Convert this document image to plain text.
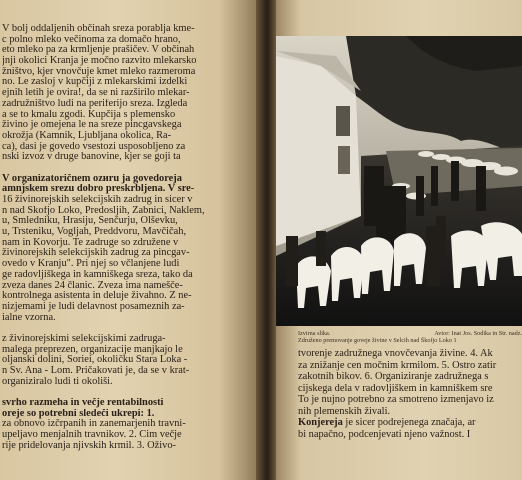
V bolj oddaljenih občinah sreza porablja kme-
c polno mleko večinoma za domačo hrano,
eto mleko pa za krmljenje prašičev. V občinah
jnji okolici Kranja je močno razvito mlekarsko
žništvo, kjer vnovčuje kmet mleko razmeroma
no. Le zaslој v kupčiji z mlekarskimi izdelki
ejnih letih je ovira!, da se ni razširilo mlekar-
zadružništvo ludi na periferijo sreza. Izgleda
a se to kmalu zgodi. Kupčija s plemensko
živino je omejena le na sreze pincgavskega
okrožja (Kamnik, Ljubljana okolica, Ra-
ca), dasi je govedo vsestozi usposobljeno za
nski izvoz v druge banovine, kjer se goji ta
V organizatoričnem ozиru ја govedoreja
amnjskem srezu dobro preskrbljena. V sre-
16 živinorejskih selekcijskih zadrug in sicer v
n nad Škofjo Loko, Predosljih, Žabnici, Naklem,
u, Smledniku, Hrasiju, Šenčurju, Olševku,
u, Trsteniku, Vogljah, Preddvoru, Mavčičah,
nam in Kovorju. Te zadruge so združene v
živinorejskih selekcijskih zadrug za pincgav-
ovedo v Kranju". Pri njej so včlanjene ludi
ge radovljiškega in kamniškega sreza, tako da
zveza danes 24 članic. Zveza ima namešče-
kontrolnega asistenta in deluje živahno. Z ne-
nizjemami je ludi delavnost posameznih za-
ialne vzorna.
z živinorejskimi selekcijskimi zadruga-
malega preprezen, organizacije manjkajo le
oljanski dolini, Soriei, okoličku Stara Loka -
n Sv. Ana - Lom. Pričakovati je, da se v krat-
organiziralo ludi ti okoliši.
svrho razmeha in večje rentabilnosti
oreje so potrebni sledeči ukrepi: 1.
za obnovo izčrpanih in zanemarjenih travni-
upeljavo menjalnih travnikov. 2. Čim večje
rije pridelovanja njivskih krmil. 3. Oživo-
Izvirna slika.	Avtor: Inat Jos. Sodika in Str. nadz.
Združeno premovanje goveje živine v Selcih nad Škofjo Loko 1
tvorenje zadružnega vnovčevanja živine. 4. Ak
za znižanje cen močnim krmilom. 5. Ostro zatir
zakotnih bikov. 6. Organiziranje zadružnega s
cijskega dela v radovljiškem in kamniškem sre
To je nujno potrebno za smotreno izmenjavo iz
nih plemenskih živali.
Konjereja je sicer podrejenega značaja, ar
bi napačno, podcenjevati njeno važnost. I
